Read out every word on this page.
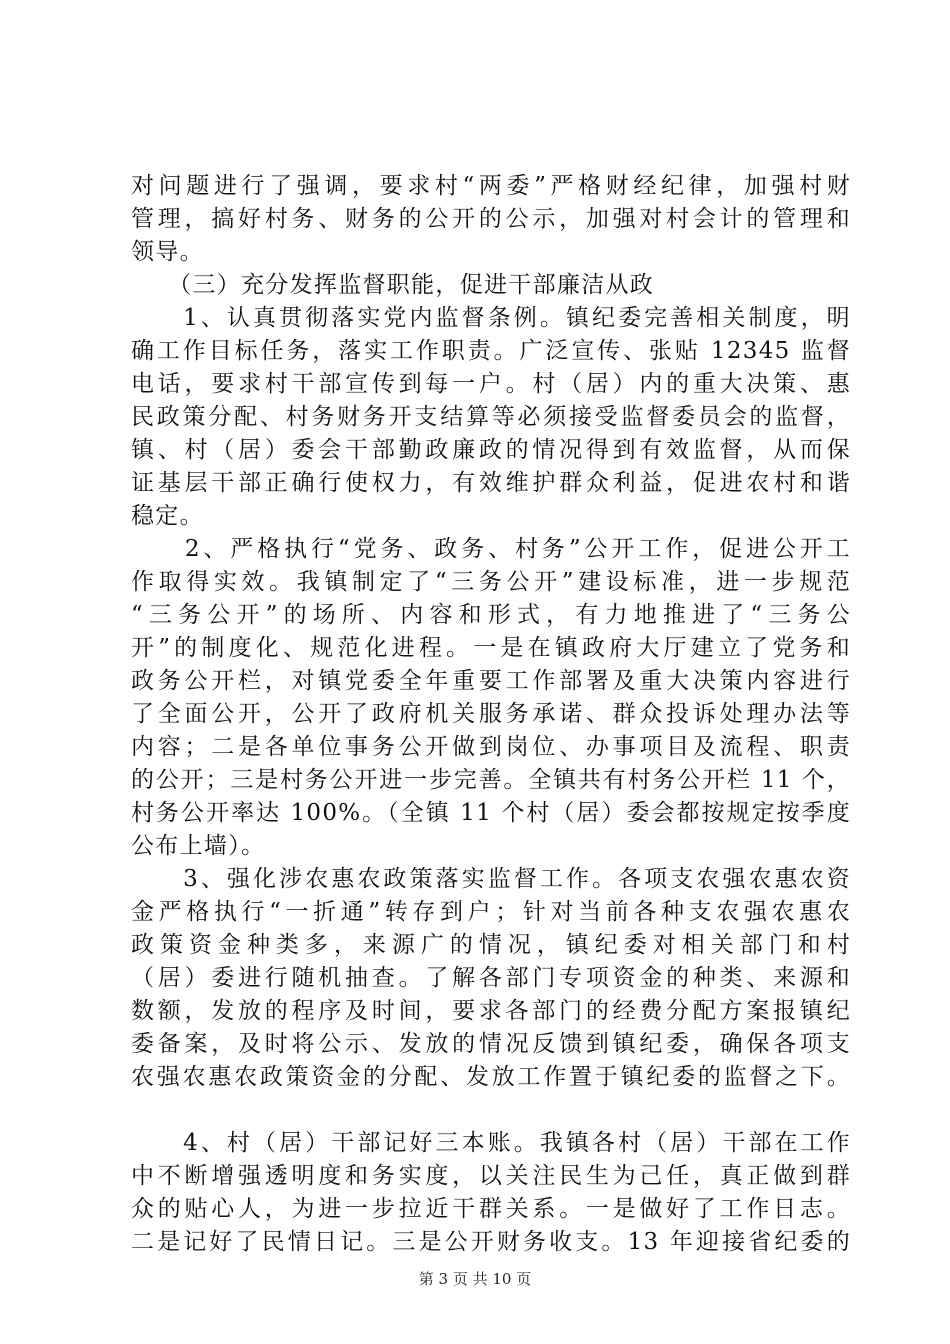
对问题进行了强调，要求村“两委”严格财经纪律，加强村财
管理，搞好村务、财务的公开的公示，加强对村会计的管理和
领导。
　　（三）充分发挥监督职能，促进干部廉洁从政
　　1、认真贯彻落实党内监督条例。镇纪委完善相关制度，明
确工作目标任务，落实工作职责。广泛宣传、张贴 12345 监督
电话，要求村干部宣传到每一户。村（居）内的重大决策、惠
民政策分配、村务财务开支结算等必须接受监督委员会的监督，
镇、村（居）委会干部勤政廉政的情况得到有效监督，从而保
证基层干部正确行使权力，有效维护群众利益，促进农村和谐
稳定。
　　2、严格执行“党务、政务、村务”公开工作，促进公开工
作取得实效。我镇制定了“三务公开”建设标准，进一步规范
“三务公开”的场所、内容和形式，有力地推进了“三务公
开”的制度化、规范化进程。一是在镇政府大厅建立了党务和
政务公开栏，对镇党委全年重要工作部署及重大决策内容进行
了全面公开，公开了政府机关服务承诺、群众投诉处理办法等
内容；二是各单位事务公开做到岗位、办事项目及流程、职责
的公开；三是村务公开进一步完善。全镇共有村务公开栏 11 个，
村务公开率达 100%。（全镇 11 个村（居）委会都按规定按季度
公布上墙）。
　　3、强化涉农惠农政策落实监督工作。各项支农强农惠农资
金严格执行“一折通”转存到户；针对当前各种支农强农惠农
政策资金种类多，来源广的情况，镇纪委对相关部门和村
（居）委进行随机抽查。了解各部门专项资金的种类、来源和
数额，发放的程序及时间，要求各部门的经费分配方案报镇纪
委备案，及时将公示、发放的情况反馈到镇纪委，确保各项支
农强农惠农政策资金的分配、发放工作置于镇纪委的监督之下。
　　4、村（居）干部记好三本账。我镇各村（居）干部在工作
中不断增强透明度和务实度，以关注民生为己任，真正做到群
众的贴心人，为进一步拉近干群关系。一是做好了工作日志。
二是记好了民情日记。三是公开财务收支。13 年迎接省纪委的
第 3 页 共 10 页
